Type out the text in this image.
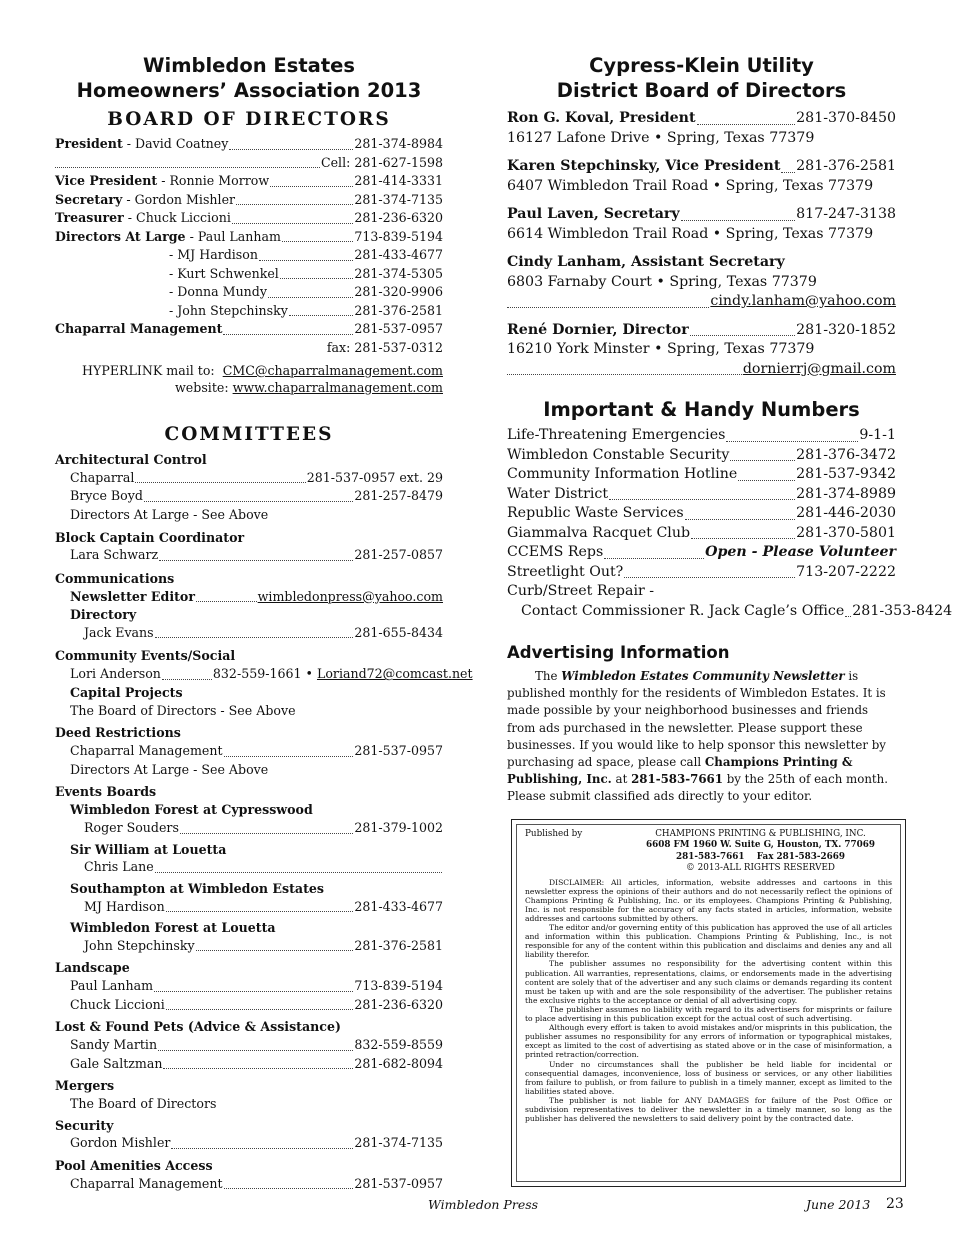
Wimbledon Estates
Homeowners’ Association 2013
BOARD OF DIRECTORS
President - David Coatney	281-374-8984
Cell: 281-627-1598
Vice President - Ronnie Morrow	281-414-3331
Secretary - Gordon Mishler	281-374-7135
Treasurer - Chuck Liccioni	281-236-6320
Directors At Large - Paul Lanham	713-839-5194
- MJ Hardison	281-433-4677
- Kurt Schwenkel	281-374-5305
- Donna Mundy	281-320-9906
- John Stepchinsky	281-376-2581
Chaparral Management	281-537-0957
fax: 281-537-0312
HYPERLINK mail to: CMC@chaparralmanagement.com
website: www.chaparralmanagement.com
COMMITTEES
Architectural Control
Chaparral	281-537-0957 ext. 29
Bryce Boyd	281-257-8479
Directors At Large - See Above
Block Captain Coordinator
Lara Schwarz	281-257-0857
Communications
Newsletter Editor	wimbledonpress@yahoo.com
Directory
Jack Evans	281-655-8434
Community Events/Social
Lori Anderson	832-559-1661 • Loriand72@comcast.net
Capital Projects
The Board of Directors - See Above
Deed Restrictions
Chaparral Management	281-537-0957
Directors At Large - See Above
Events Boards
Wimbledon Forest at Cypresswood
Roger Souders	281-379-1002
Sir William at Louetta
Chris Lane
Southampton at Wimbledon Estates
MJ Hardison	281-433-4677
Wimbledon Forest at Louetta
John Stepchinsky	281-376-2581
Landscape
Paul Lanham	713-839-5194
Chuck Liccioni	281-236-6320
Lost & Found Pets (Advice & Assistance)
Sandy Martin	832-559-8559
Gale Saltzman	281-682-8094
Mergers
The Board of Directors
Security
Gordon Mishler	281-374-7135
Pool Amenities Access
Chaparral Management	281-537-0957
Cypress-Klein Utility
District Board of Directors
Ron G. Koval, President	281-370-8450
16127 Lafone Drive • Spring, Texas 77379
Karen Stepchinsky, Vice President 281-376-2581
6407 Wimbledon Trail Road • Spring, Texas 77379
Paul Laven, Secretary	817-247-3138
6614 Wimbledon Trail Road • Spring, Texas 77379
Cindy Lanham, Assistant Secretary
6803 Farnaby Court • Spring, Texas 77379
cindy.lanham@yahoo.com
René Dornier, Director	281-320-1852
16210 York Minster • Spring, Texas 77379
dornierrj@gmail.com
Important & Handy Numbers
Life-Threatening Emergencies	9-1-1
Wimbledon Constable Security	281-376-3472
Community Information Hotline	281-537-9342
Water District	281-374-8989
Republic Waste Services	281-446-2030
Giammalva Racquet Club	281-370-5801
CCEMS Reps	Open - Please Volunteer
Streetlight Out?	713-207-2222
Curb/Street Repair -
Contact Commissioner R. Jack Cagle’s Office 281-353-8424
Advertising Information

The Wimbledon Estates Community Newsletter is published monthly for the residents of Wimbledon Estates. It is made possible by your neighborhood businesses and friends from ads purchased in the newsletter. Please support these businesses. If you would like to help sponsor this newsletter by purchasing ad space, please call Champions Printing & Publishing, Inc. at 281-583-7661 by the 25th of each month. Please submit classified ads directly to your editor.

Published by	CHAMPIONS PRINTING & PUBLISHING, INC.
6608 FM 1960 W. Suite G, Houston, TX. 77069
281-583-7661    Fax 281-583-2669
© 2013-ALL RIGHTS RESERVED

DISCLAIMER: All articles, information, website addresses and cartoons in this newsletter express the opinions of their authors and do not necessarily reflect the opinions of Champions Printing & Publishing, Inc. or its employees. Champions Printing & Publishing, Inc. is not responsible for the accuracy of any facts stated in articles, information, website addresses and cartoons submitted by others.

The editor and/or governing entity of this publication has approved the use of all articles and information within this publication. Champions Printing & Publishing, Inc., is not responsible for any of the content within this publication and disclaims and denies any and all liability therefor.

The publisher assumes no responsibility for the advertising content within this publication. All warranties, representations, claims, or endorsements made in the advertising content are solely that of the advertiser and any such claims or demands regarding its content must be taken up with and are the sole responsibility of the advertiser. The publisher retains the exclusive rights to the acceptance or denial of all advertising copy.

The publisher assumes no liability with regard to its advertisers for misprints or failure to place advertising in this publication except for the actual cost of such advertising.

Although every effort is taken to avoid mistakes and/or misprints in this publication, the publisher assumes no responsibility for any errors of information or typographical mistakes, except as limited to the cost of advertising as stated above or in the case of misinformation, a printed retraction/correction.

Under no circumstances shall the publisher be held liable for incidental or consequential damages, inconvenience, loss of business or services, or any other liabilities from failure to publish, or from failure to publish in a timely manner, except as limited to the liabilities stated above.

The publisher is not liable for ANY DAMAGES for failure of the Post Office or subdivision representatives to deliver the newsletter in a timely manner, so long as the publisher has delivered the newsletters to said delivery point by the contracted date.

Wimbledon Press	June 2013 23
